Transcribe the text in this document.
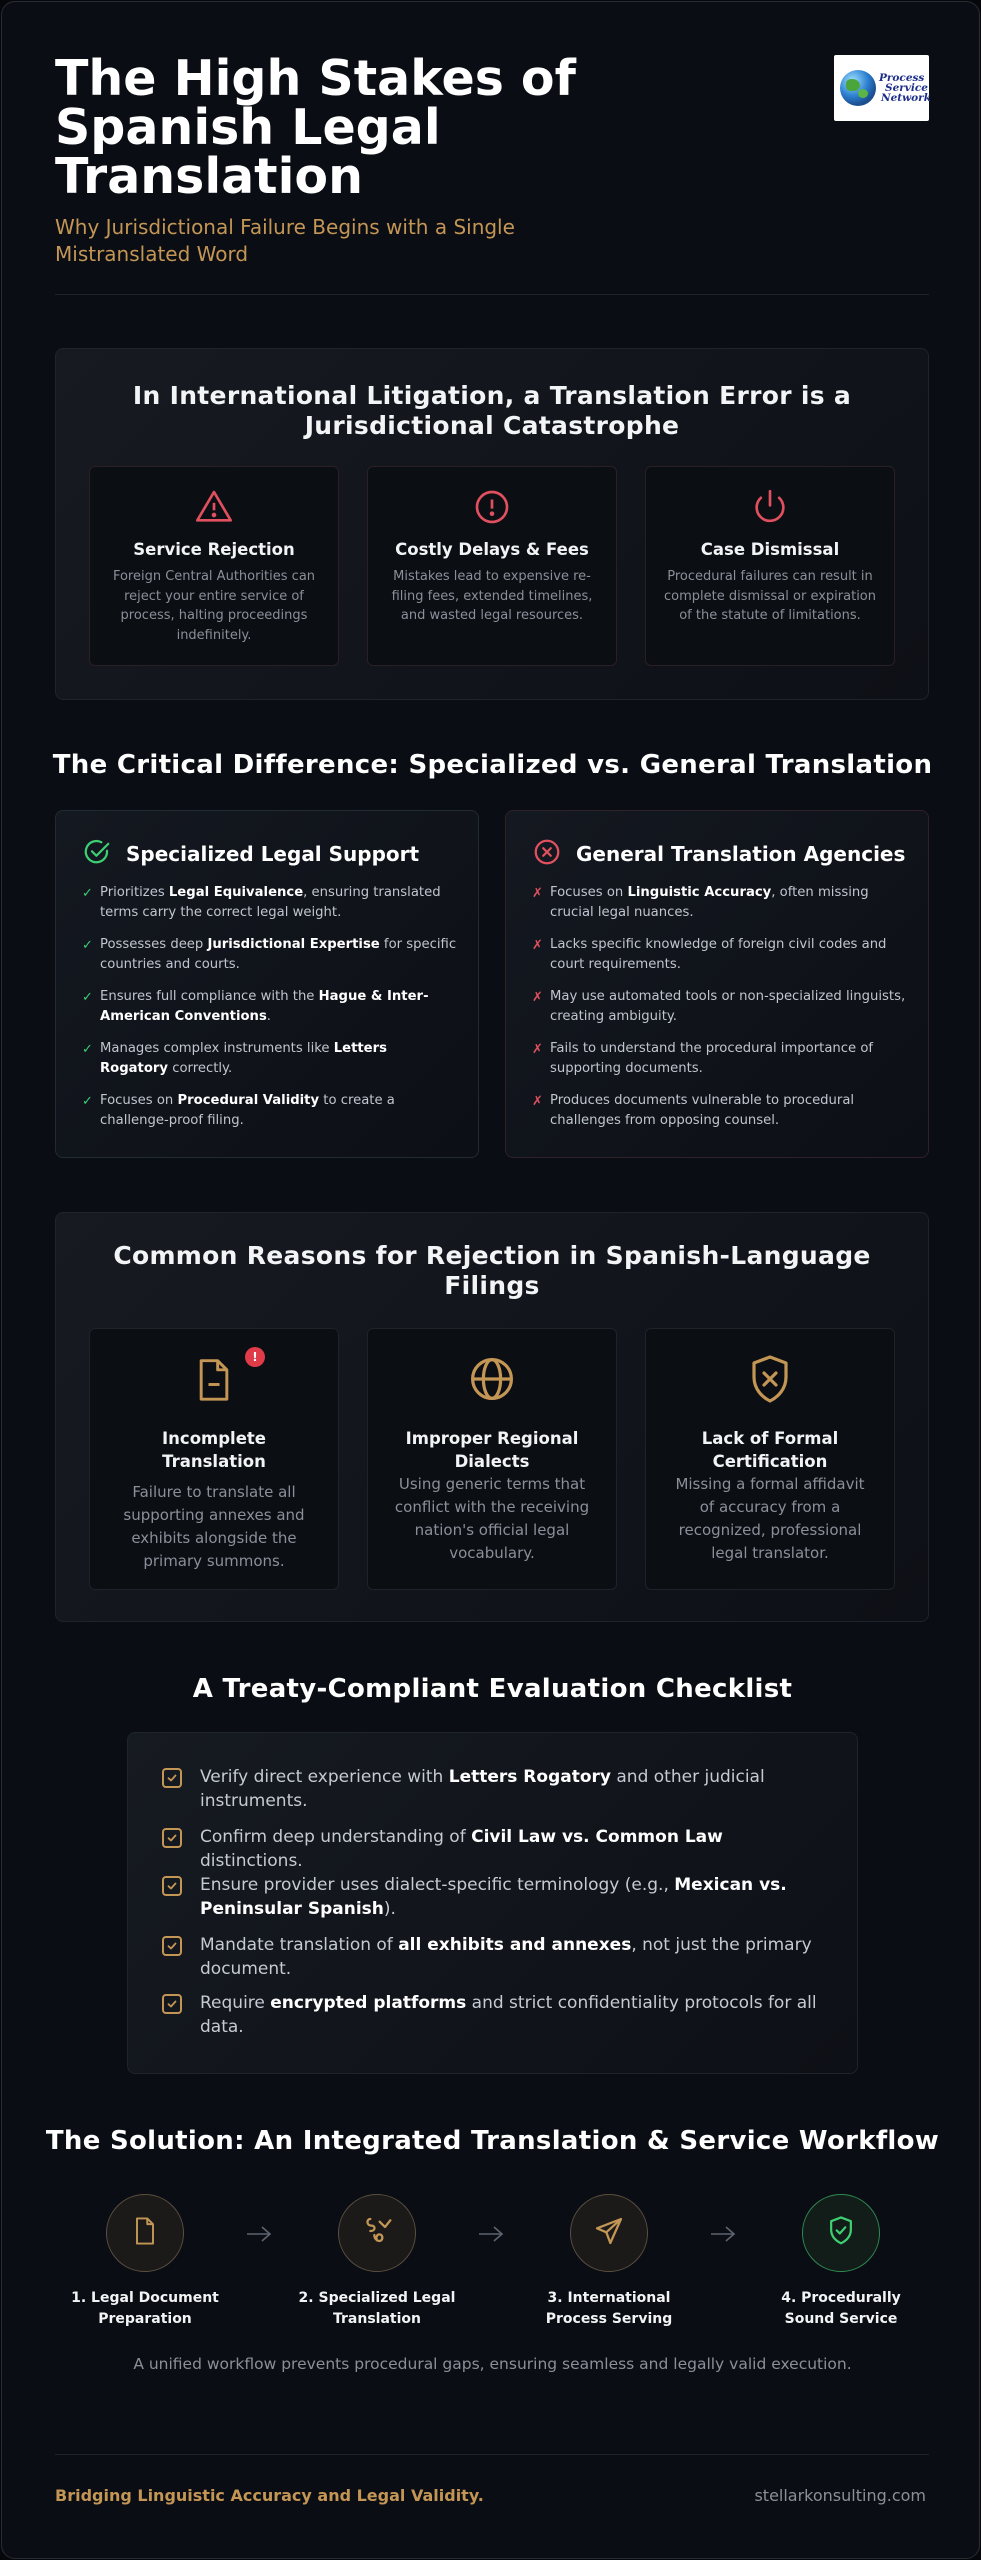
The High Stakes of Spanish Legal Translation
Why Jurisdictional Failure Begins with a Single Mistranslated Word
Process
Service
Network
In International Litigation, a Translation Error is a Jurisdictional Catastrophe
Service Rejection

Foreign Central Authorities can reject your entire service of process, halting proceedings indefinitely.

Costly Delays & Fees

Mistakes lead to expensive re-filing fees, extended timelines, and wasted legal resources.

Case Dismissal

Procedural failures can result in complete dismissal or expiration of the statute of limitations.

The Critical Difference: Specialized vs. General Translation
Specialized Legal Support
✓ Prioritizes Legal Equivalence, ensuring translated terms carry the correct legal weight.
✓ Possesses deep Jurisdictional Expertise for specific countries and courts.
✓ Ensures full compliance with the Hague & Inter-American Conventions.
✓ Manages complex instruments like Letters Rogatory correctly.
✓ Focuses on Procedural Validity to create a challenge-proof filing.
General Translation Agencies
✗ Focuses on Linguistic Accuracy, often missing crucial legal nuances.
✗ Lacks specific knowledge of foreign civil codes and court requirements.
✗ May use automated tools or non-specialized linguists, creating ambiguity.
✗ Fails to understand the procedural importance of supporting documents.
✗ Produces documents vulnerable to procedural challenges from opposing counsel.
Common Reasons for Rejection in Spanish-Language Filings
!
Incomplete Translation

Failure to translate all supporting annexes and exhibits alongside the primary summons.

Improper Regional Dialects

Using generic terms that conflict with the receiving nation's official legal vocabulary.

Lack of Formal Certification

Missing a formal affidavit of accuracy from a recognized, professional legal translator.

A Treaty-Compliant Evaluation Checklist
Verify direct experience with Letters Rogatory and other judicial instruments.
Confirm deep understanding of Civil Law vs. Common Law distinctions.
Ensure provider uses dialect-specific terminology (e.g., Mexican vs. Peninsular Spanish).
Mandate translation of all exhibits and annexes, not just the primary document.
Require encrypted platforms and strict confidentiality protocols for all data.
The Solution: An Integrated Translation & Service Workflow
1. Legal Document Preparation
2. Specialized Legal Translation
3. International Process Serving
4. Procedurally Sound Service
A unified workflow prevents procedural gaps, ensuring seamless and legally valid execution.
Bridging Linguistic Accuracy and Legal Validity.	stellarkonsulting.com
